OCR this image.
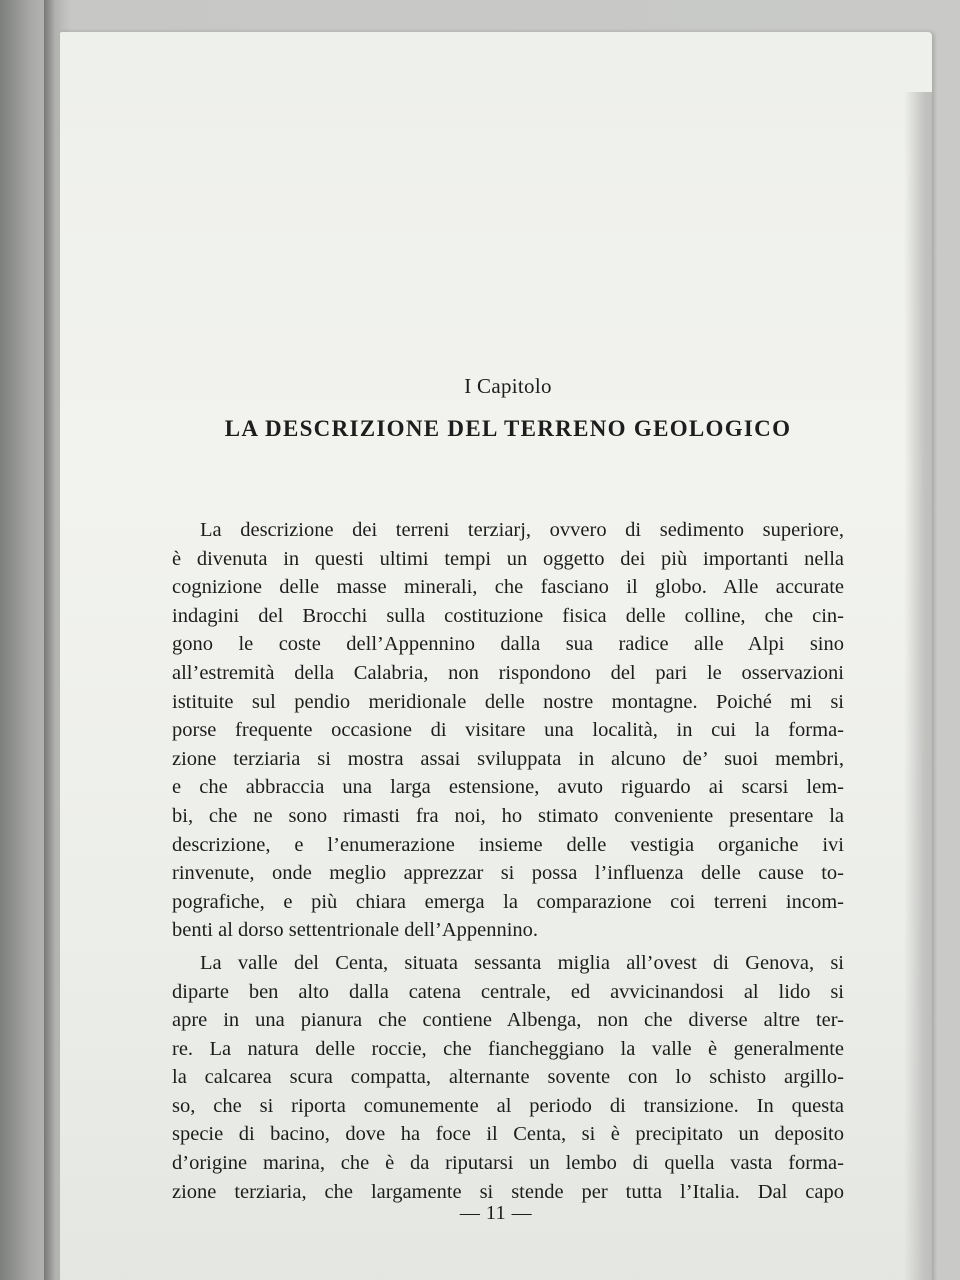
I Capitolo
LA DESCRIZIONE DEL TERRENO GEOLOGICO

La descrizione dei terreni terziarj, ovvero di sedimento superiore,
è divenuta in questi ultimi tempi un oggetto dei più importanti nella
cognizione delle masse minerali, che fasciano il globo. Alle accurate
indagini del Brocchi sulla costituzione fisica delle colline, che cin-
gono le coste dell’Appennino dalla sua radice alle Alpi sino
all’estremità della Calabria, non rispondono del pari le osservazioni
istituite sul pendio meridionale delle nostre montagne. Poiché mi si
porse frequente occasione di visitare una località, in cui la forma-
zione terziaria si mostra assai sviluppata in alcuno de’ suoi membri,
e che abbraccia una larga estensione, avuto riguardo ai scarsi lem-
bi, che ne sono rimasti fra noi, ho stimato conveniente presentare la
descrizione, e l’enumerazione insieme delle vestigia organiche ivi
rinvenute, onde meglio apprezzar si possa l’influenza delle cause to-
pografiche, e più chiara emerga la comparazione coi terreni incom-
benti al dorso settentrionale dell’Appennino.

La valle del Centa, situata sessanta miglia all’ovest di Genova, si
diparte ben alto dalla catena centrale, ed avvicinandosi al lido si
apre in una pianura che contiene Albenga, non che diverse altre ter-
re. La natura delle roccie, che fiancheggiano la valle è generalmente
la calcarea scura compatta, alternante sovente con lo schisto argillo-
so, che si riporta comunemente al periodo di transizione. In questa
specie di bacino, dove ha foce il Centa, si è precipitato un deposito
d’origine marina, che è da riputarsi un lembo di quella vasta forma-
zione terziaria, che largamente si stende per tutta l’Italia. Dal capo

— 11 —
